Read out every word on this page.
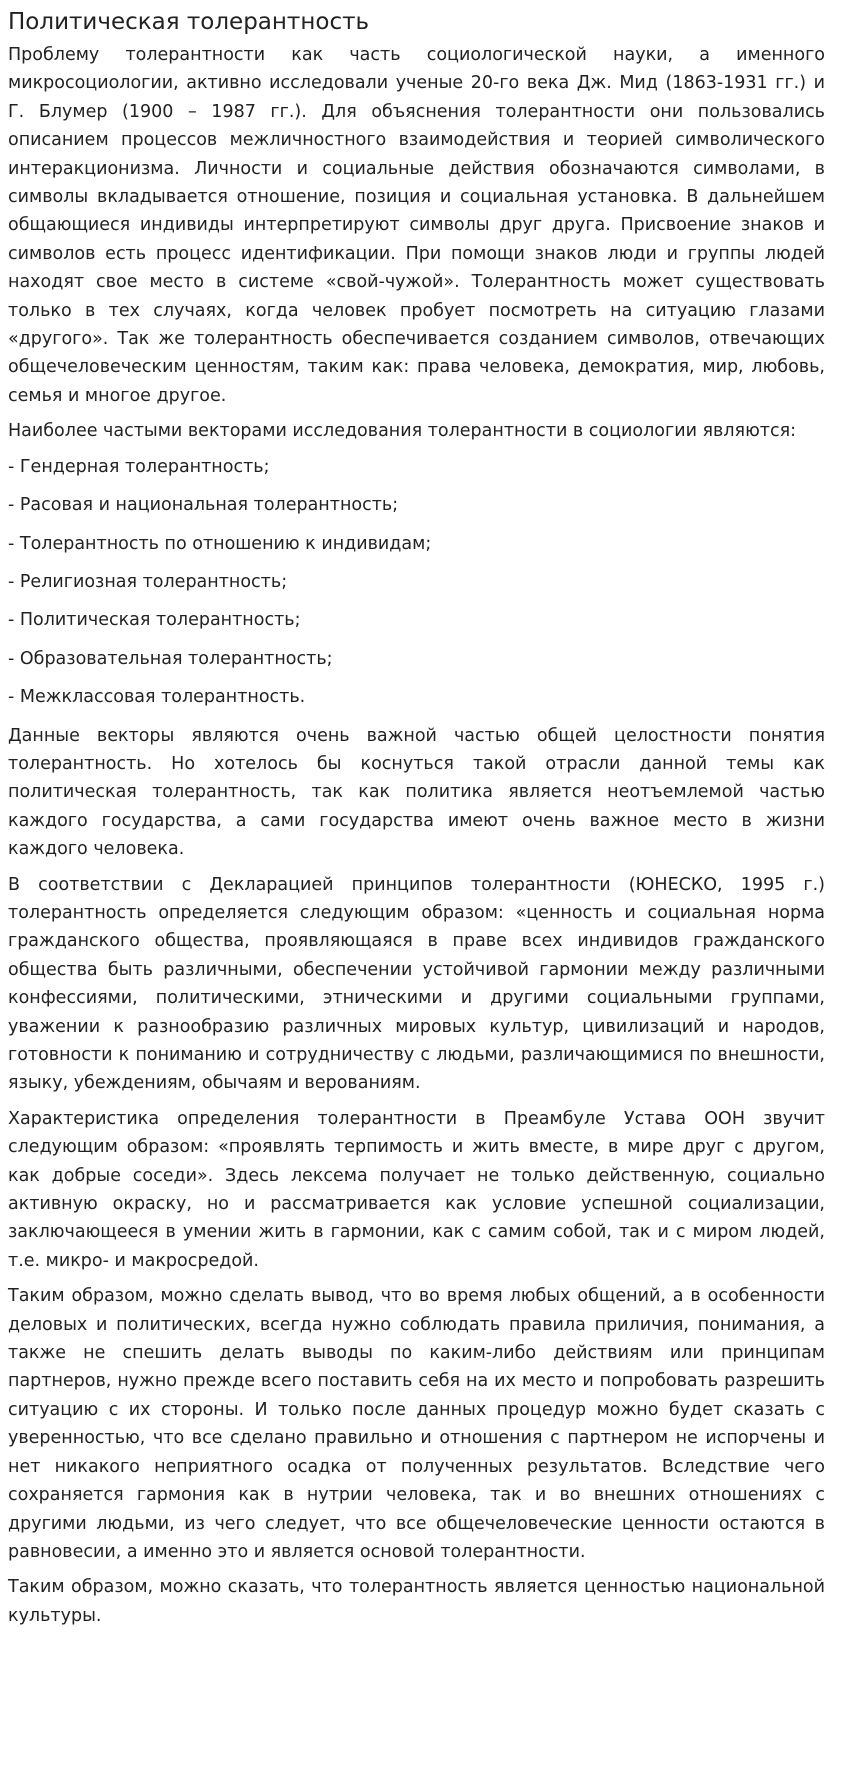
Политическая толерантность

Проблему толерантности как часть социологической науки, а именного микросоциологии, активно исследовали ученые 20-го века Дж. Мид (1863-1931 гг.) и Г. Блумер (1900 – 1987 гг.). Для объяснения толерантности они пользовались описанием процессов межличностного взаимодействия и теорией символического интеракционизма. Личности и социальные действия обозначаются символами, в символы вкладывается отношение, позиция и социальная установка. В дальнейшем общающиеся индивиды интерпретируют символы друг друга. Присвоение знаков и символов есть процесс идентификации. При помощи знаков люди и группы людей находят свое место в системе «свой-чужой». Толерантность может существовать только в тех случаях, когда человек пробует посмотреть на ситуацию глазами «другого». Так же толерантность обеспечивается созданием символов, отвечающих общечеловеческим ценностям, таким как: права человека, демократия, мир, любовь, семья и многое другое.

Наиболее частыми векторами исследования толерантности в социологии являются:

- Гендерная толерантность;
- Расовая и национальная толерантность;
- Толерантность по отношению к индивидам;
- Религиозная толерантность;
- Политическая толерантность;
- Образовательная толерантность;
- Межклассовая толерантность.

Данные векторы являются очень важной частью общей целостности понятия толерантность. Но хотелось бы коснуться такой отрасли данной темы как политическая толерантность, так как политика является неотъемлемой частью каждого государства, а сами государства имеют очень важное место в жизни каждого человека.

В соответствии с Декларацией принципов толерантности (ЮНЕСКО, 1995 г.) толерантность определяется следующим образом: «ценность и социальная норма гражданского общества, проявляющаяся в праве всех индивидов гражданского общества быть различными, обеспечении устойчивой гармонии между различными конфессиями, политическими, этническими и другими социальными группами, уважении к разнообразию различных мировых культур, цивилизаций и народов, готовности к пониманию и сотрудничеству с людьми, различающимися по внешности, языку, убеждениям, обычаям и верованиям.

Характеристика определения толерантности в Преамбуле Устава ООН звучит следующим образом: «проявлять терпимость и жить вместе, в мире друг с другом, как добрые соседи». Здесь лексема получает не только действенную, социально активную окраску, но и рассматривается как условие успешной социализации, заключающееся в умении жить в гармонии, как с самим собой, так и с миром людей, т.е. микро- и макросредой.

Таким образом, можно сделать вывод, что во время любых общений, а в особенности деловых и политических, всегда нужно соблюдать правила приличия, понимания, а также не спешить делать выводы по каким-либо действиям или принципам партнеров, нужно прежде всего поставить себя на их место и попробовать разрешить ситуацию с их стороны. И только после данных процедур можно будет сказать с уверенностью, что все сделано правильно и отношения с партнером не испорчены и нет никакого неприятного осадка от полученных результатов. Вследствие чего сохраняется гармония как в нутрии человека, так и во внешних отношениях с другими людьми, из чего следует, что все общечеловеческие ценности остаются в равновесии, а именно это и является основой толерантности.

Таким образом, можно сказать, что толерантность является ценностью национальной культуры.
